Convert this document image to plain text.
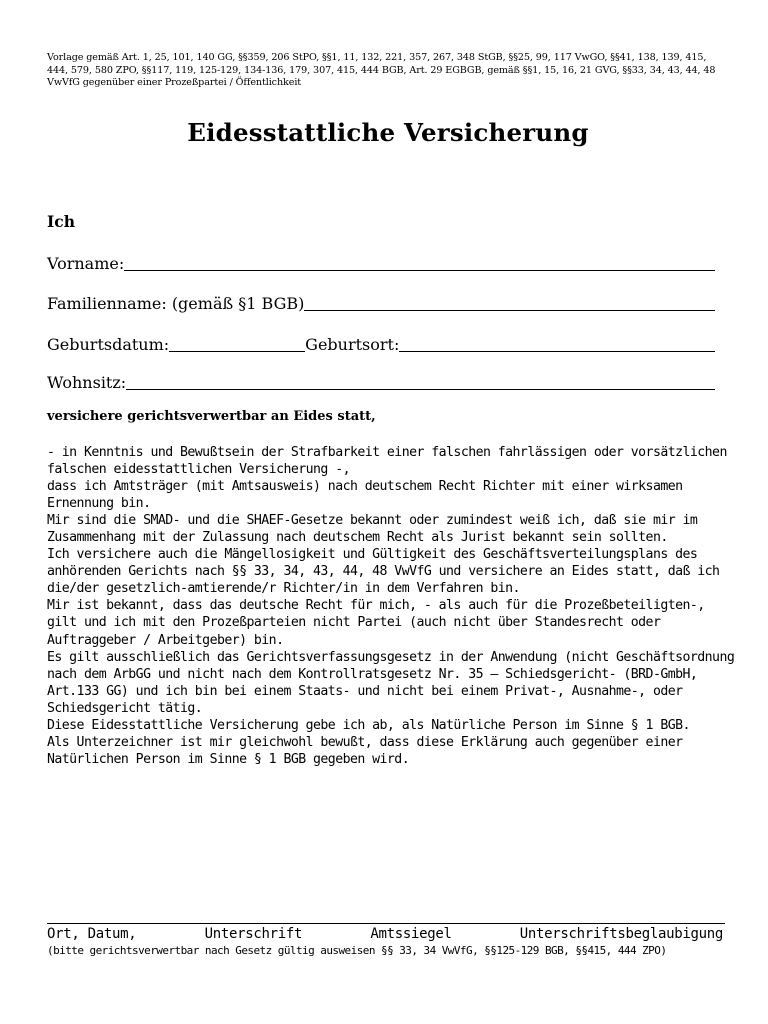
Vorlage gemäß Art. 1, 25, 101, 140 GG, §§359, 206 StPO, §§1, 11, 132, 221, 357, 267, 348 StGB, §§25, 99, 117 VwGO, §§41, 138, 139, 415, 444, 579, 580 ZPO, §§117, 119, 125-129, 134-136, 179, 307, 415, 444 BGB, Art. 29 EGBGB, gemäß §§1, 15, 16, 21 GVG, §§33, 34, 43, 44, 48 VwVfG gegenüber einer Prozeßpartei / Öffentlichkeit
Eidesstattliche Versicherung
Ich
Vorname:
Familienname: (gemäß §1 BGB)
Geburtsdatum:	Geburtsort:
Wohnsitz:
versichere gerichtsverwertbar an Eides statt,

- in Kenntnis und Bewußtsein der Strafbarkeit einer falschen fahrlässigen oder vorsätzlichen falschen eidesstattlichen Versicherung -,

dass ich Amtsträger (mit Amtsausweis) nach deutschem Recht Richter mit einer wirksamen Ernennung bin.

Mir sind die SMAD- und die SHAEF-Gesetze bekannt oder zumindest weiß ich, daß sie mir im Zusammenhang mit der Zulassung nach deutschem Recht als Jurist bekannt sein sollten.

Ich versichere auch die Mängellosigkeit und Gültigkeit des Geschäftsverteilungsplans des anhörenden Gerichts nach §§ 33, 34, 43, 44, 48 VwVfG und versichere an Eides statt, daß ich die/der gesetzlich-amtierende/r Richter/in in dem Verfahren bin.

Mir ist bekannt, dass das deutsche Recht für mich, - als auch für die Prozeßbeteiligten-, gilt und ich mit den Prozeßparteien nicht Partei (auch nicht über Standesrecht oder Auftraggeber / Arbeitgeber) bin.

Es gilt ausschließlich das Gerichtsverfassungsgesetz in der Anwendung (nicht Geschäftsordnung nach dem ArbGG und nicht nach dem Kontrollratsgesetz Nr. 35 – Schiedsgericht- (BRD-GmbH, Art.133 GG) und ich bin bei einem Staats- und nicht bei einem Privat-, Ausnahme-, oder Schiedsgericht tätig.

Diese Eidesstattliche Versicherung gebe ich ab, als Natürliche Person im Sinne § 1 BGB.

Als Unterzeichner ist mir gleichwohl bewußt, dass diese Erklärung auch gegenüber einer Natürlichen Person im Sinne § 1 BGB gegeben wird.

Ort, Datum,	Unterschrift	Amtssiegel	Unterschriftsbeglaubigung
(bitte gerichtsverwertbar nach Gesetz gültig ausweisen §§ 33, 34 VwVfG, §§125-129 BGB, §§415, 444 ZPO)
